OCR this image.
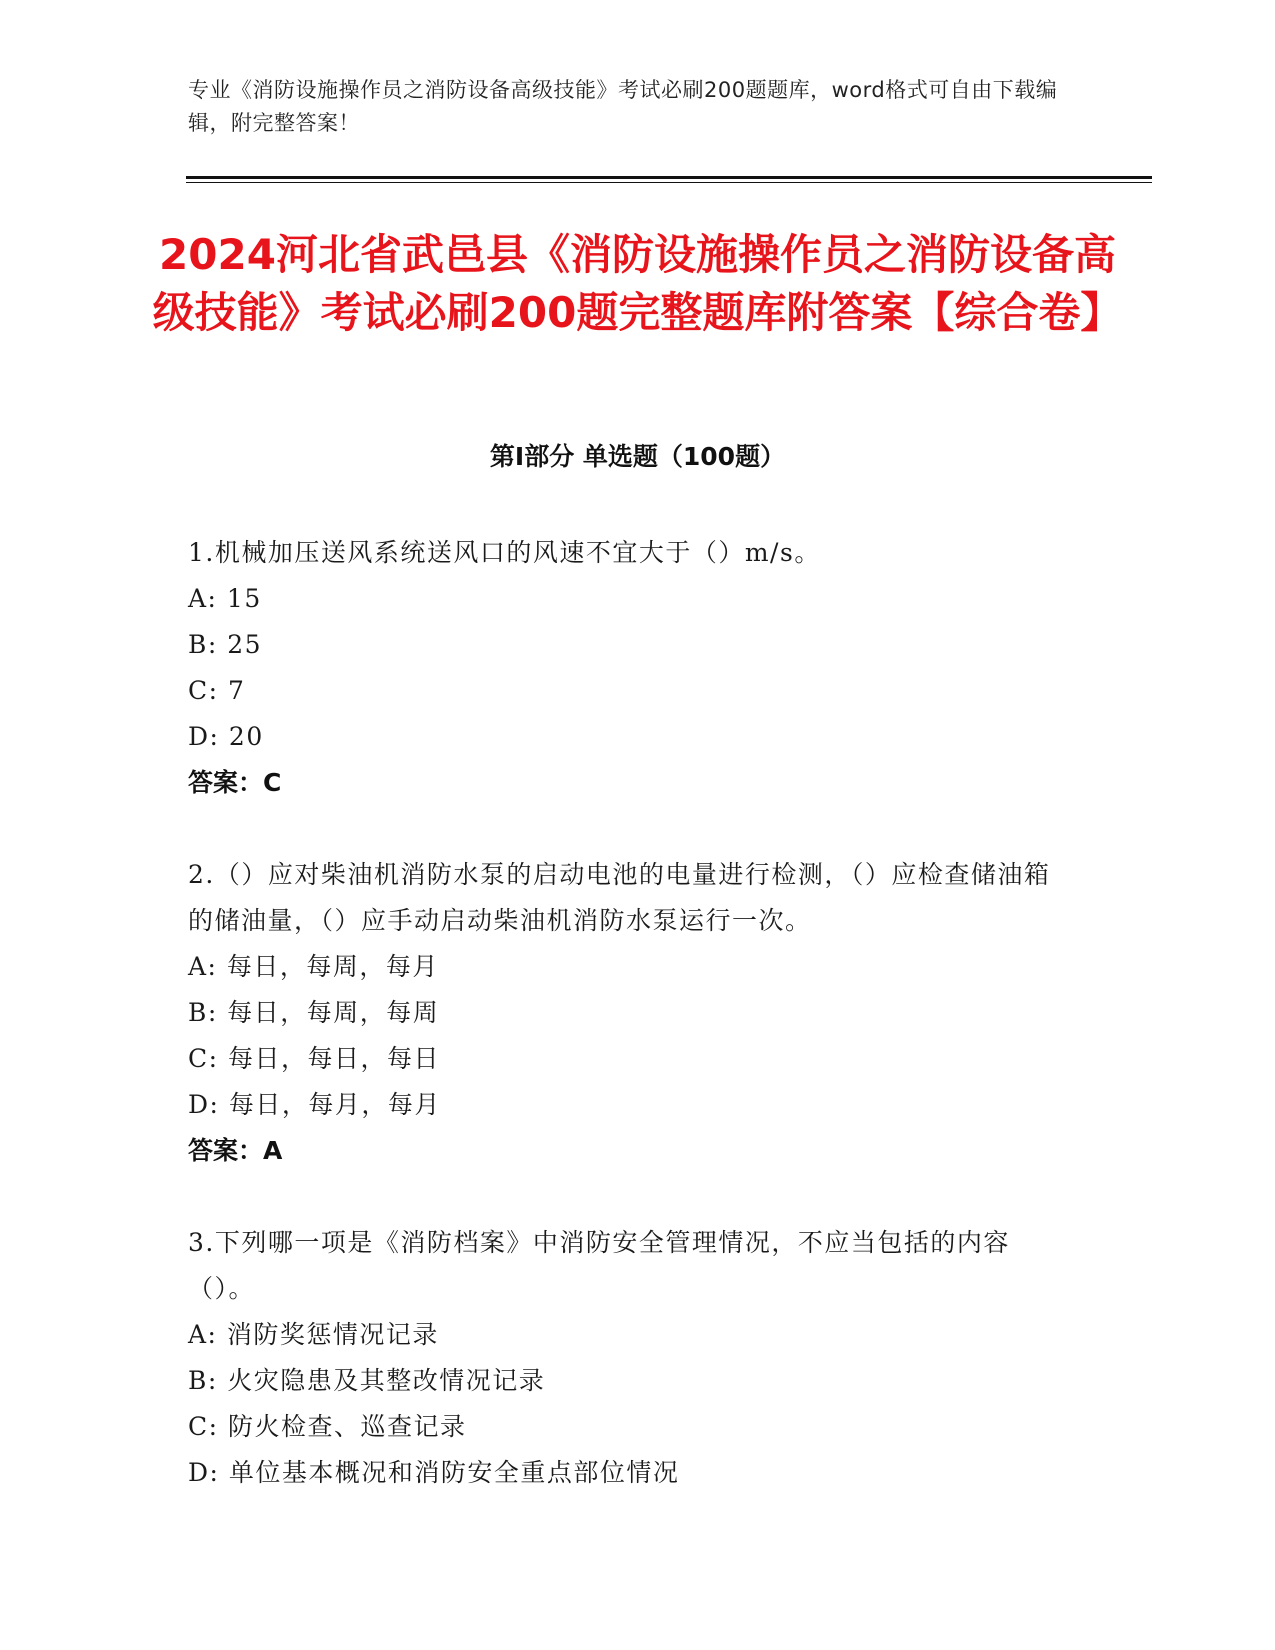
专业《消防设施操作员之消防设备高级技能》考试必刷200题题库，word格式可自由下载编辑，附完整答案！
2024河北省武邑县《消防设施操作员之消防设备高级技能》考试必刷200题完整题库附答案【综合卷】
第Ⅰ部分 单选题（100题）
1.机械加压送风系统送风口的风速不宜大于（）m/s。
A: 15
B: 25
C: 7
D: 20
答案：C
2.（）应对柴油机消防水泵的启动电池的电量进行检测，（）应检查储油箱的储油量，（）应手动启动柴油机消防水泵运行一次。
A: 每日，每周，每月
B: 每日，每周，每周
C: 每日，每日，每日
D: 每日，每月，每月
答案：A
3.下列哪一项是《消防档案》中消防安全管理情况，不应当包括的内容（）。
A: 消防奖惩情况记录
B: 火灾隐患及其整改情况记录
C: 防火检查、巡查记录
D: 单位基本概况和消防安全重点部位情况
